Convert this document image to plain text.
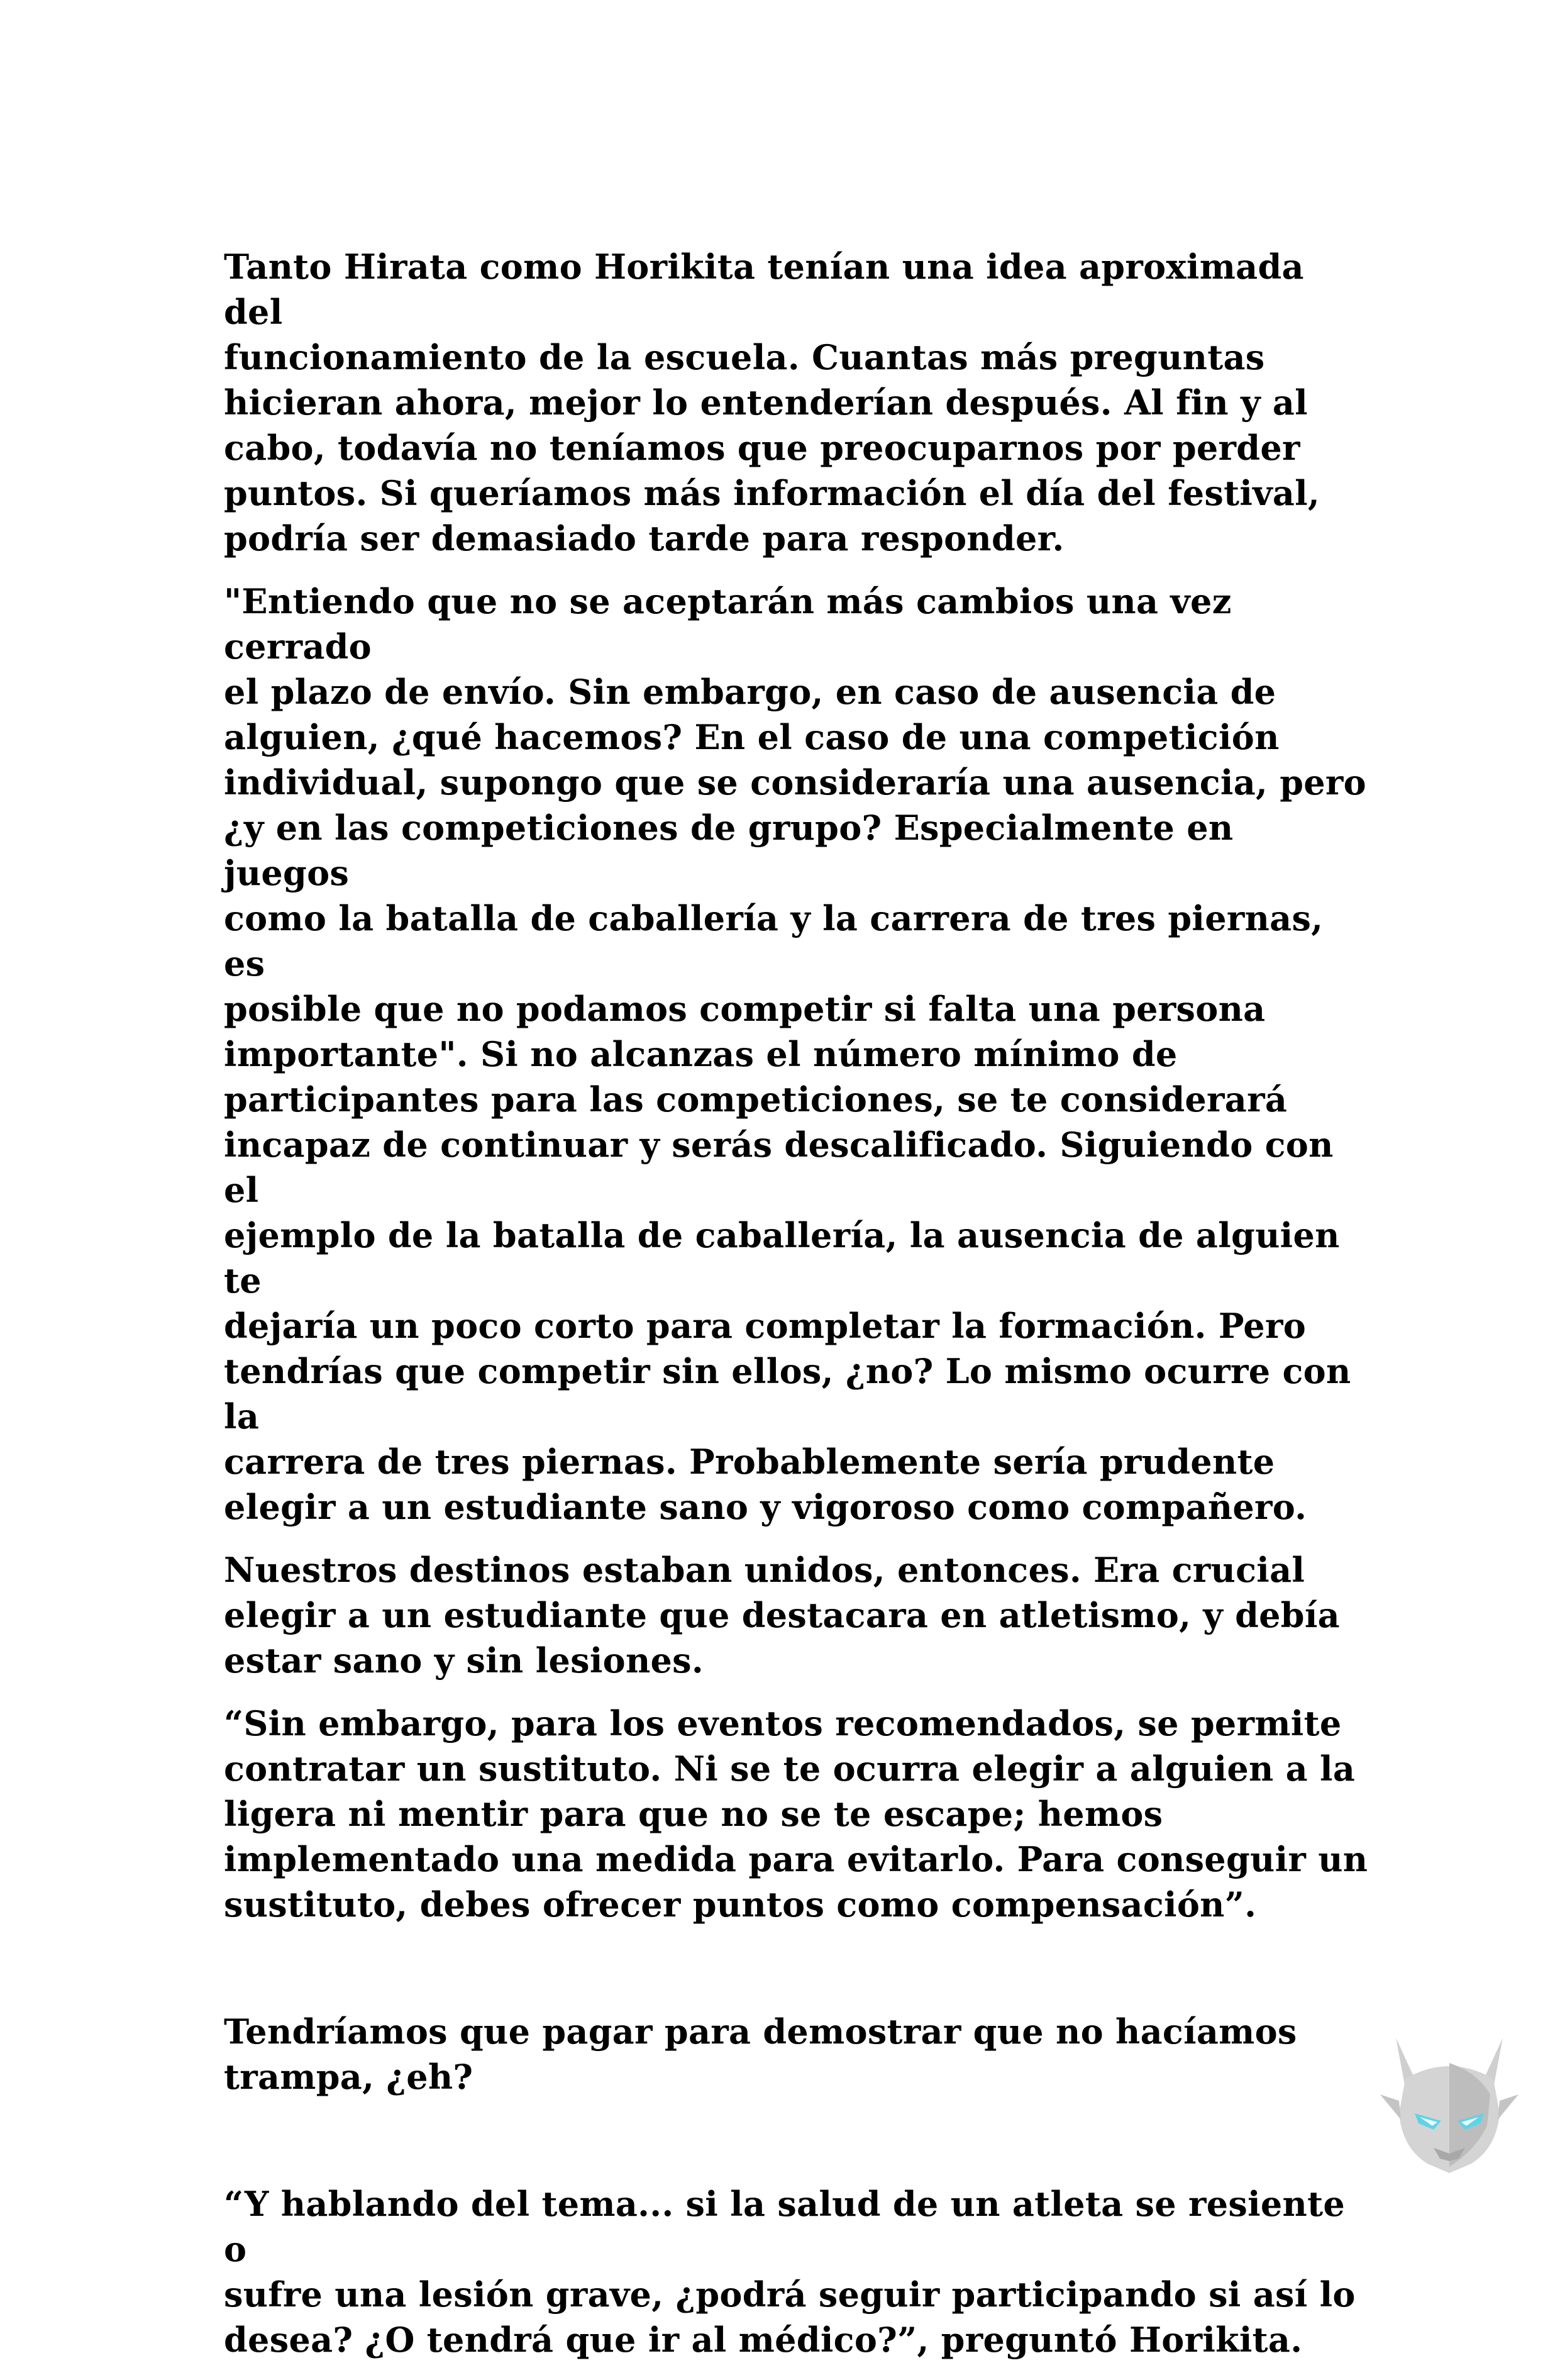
Tanto Hirata como Horikita tenían una idea aproximada del
funcionamiento de la escuela. Cuantas más preguntas
hicieran ahora, mejor lo entenderían después. Al fin y al
cabo, todavía no teníamos que preocuparnos por perder
puntos. Si queríamos más información el día del festival,
podría ser demasiado tarde para responder.

"Entiendo que no se aceptarán más cambios una vez cerrado
el plazo de envío. Sin embargo, en caso de ausencia de
alguien, ¿qué hacemos? En el caso de una competición
individual, supongo que se consideraría una ausencia, pero
¿y en las competiciones de grupo? Especialmente en juegos
como la batalla de caballería y la carrera de tres piernas, es
posible que no podamos competir si falta una persona
importante". Si no alcanzas el número mínimo de
participantes para las competiciones, se te considerará
incapaz de continuar y serás descalificado. Siguiendo con el
ejemplo de la batalla de caballería, la ausencia de alguien te
dejaría un poco corto para completar la formación. Pero
tendrías que competir sin ellos, ¿no? Lo mismo ocurre con la
carrera de tres piernas. Probablemente sería prudente
elegir a un estudiante sano y vigoroso como compañero.

Nuestros destinos estaban unidos, entonces. Era crucial
elegir a un estudiante que destacara en atletismo, y debía
estar sano y sin lesiones.

“Sin embargo, para los eventos recomendados, se permite
contratar un sustituto. Ni se te ocurra elegir a alguien a la
ligera ni mentir para que no se te escape; hemos
implementado una medida para evitarlo. Para conseguir un
sustituto, debes ofrecer puntos como compensación”.

Tendríamos que pagar para demostrar que no hacíamos
trampa, ¿eh?

“Y hablando del tema... si la salud de un atleta se resiente o
sufre una lesión grave, ¿podrá seguir participando si así lo
desea? ¿O tendrá que ir al médico?”, preguntó Horikita.
